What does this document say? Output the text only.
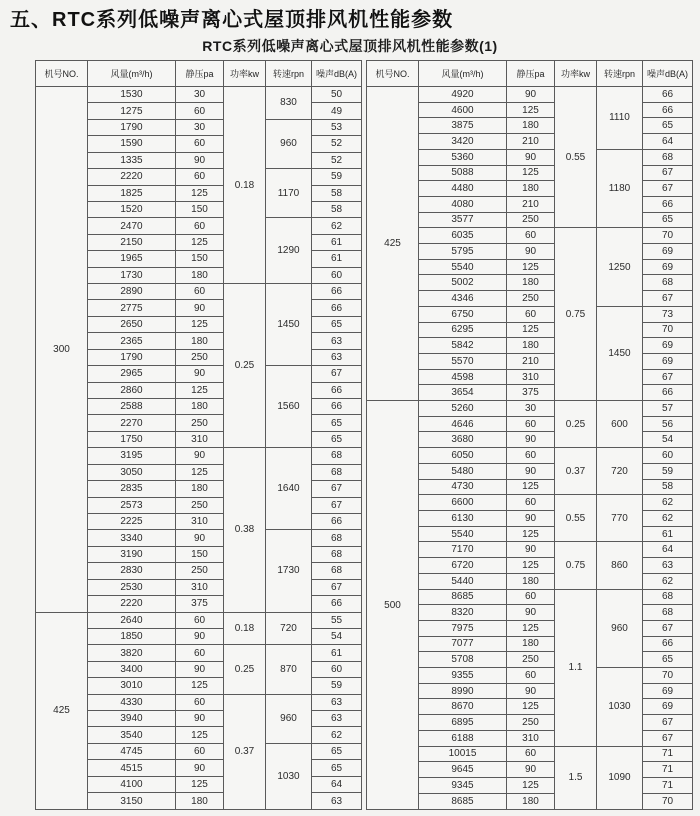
五、RTC系列低噪声离心式屋顶排风机性能参数
RTC系列低噪声离心式屋顶排风机性能参数(1)
机号NO.	风量(m³/h)	静压pa	功率kw	转速rpn	噪声dB(A)
300	1530	30	0.18	830	50
	1275	60			49
	1790	30		960	53
	1590	60			52
	1335	90			52
	2220	60		1170	59
	1825	125			58
	1520	150			58
	2470	60		1290	62
	2150	125			61
	1965	150			61
	1730	180			60
	2890	60	0.25	1450	66
	2775	90			66
	2650	125			65
	2365	180			63
	1790	250			63
	2965	90		1560	67
	2860	125			66
	2588	180			66
	2270	250			65
	1750	310			65
	3195	90	0.38	1640	68
	3050	125			68
	2835	180			67
	2573	250			67
	2225	310			66
	3340	90		1730	68
	3190	150			68
	2830	250			68
	2530	310			67
	2220	375			66
425	2640	60	0.18	720	55
	1850	90			54
	3820	60	0.25	870	61
	3400	90			60
	3010	125			59
	4330	60	0.37	960	63
	3940	90			63
	3540	125			62
	4745	60		1030	65
	4515	90			65
	4100	125			64
	3150	180			63
机号NO.	风量(m³/h)	静压pa	功率kw	转速rpn	噪声dB(A)
425	4920	90	0.55	1110	66
	4600	125			66
	3875	180			65
	3420	210			64
	5360	90		1180	68
	5088	125			67
	4480	180			67
	4080	210			66
	3577	250			65
	6035	60	0.75	1250	70
	5795	90			69
	5540	125			69
	5002	180			68
	4346	250			67
	6750	60		1450	73
	6295	125			70
	5842	180			69
	5570	210			69
	4598	310			67
	3654	375			66
500	5260	30	0.25	600	57
	4646	60			56
	3680	90			54
	6050	60	0.37	720	60
	5480	90			59
	4730	125			58
	6600	60	0.55	770	62
	6130	90			62
	5540	125			61
	7170	90	0.75	860	64
	6720	125			63
	5440	180			62
	8685	60	1.1	960	68
	8320	90			68
	7975	125			67
	7077	180			66
	5708	250			65
	9355	60		1030	70
	8990	90			69
	8670	125			69
	6895	250			67
	6188	310			67
	10015	60	1.5	1090	71
	9645	90			71
	9345	125			71
	8685	180			70
